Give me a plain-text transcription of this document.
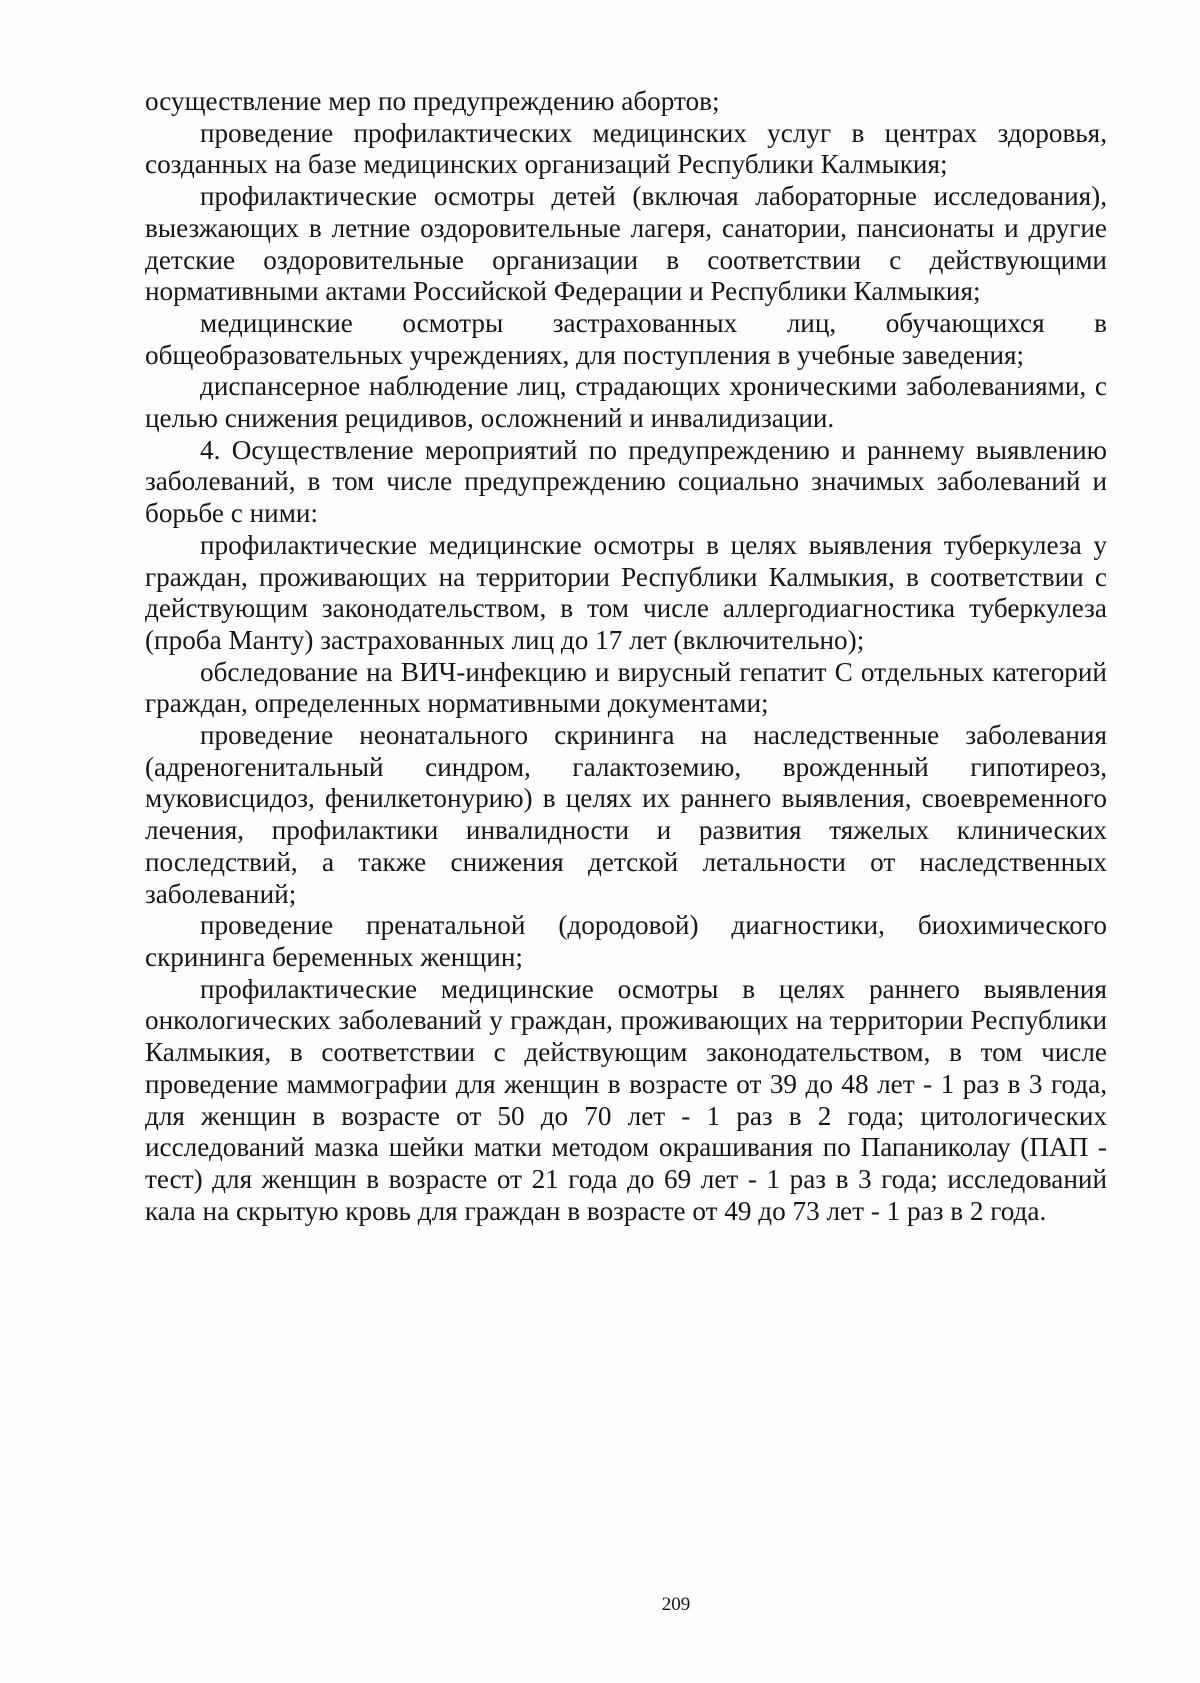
осуществление мер по предупреждению абортов;

проведение профилактических медицинских услуг в центрах здоровья, созданных на базе медицинских организаций Республики Калмыкия;

профилактические осмотры детей (включая лабораторные исследования), выезжающих в летние оздоровительные лагеря, санатории, пансионаты и другие детские оздоровительные организации в соответствии с действующими нормативными актами Российской Федерации и Республики Калмыкия;

медицинские осмотры застрахованных лиц, обучающихся в общеобразовательных учреждениях, для поступления в учебные заведения;

диспансерное наблюдение лиц, страдающих хроническими заболеваниями, с целью снижения рецидивов, осложнений и инвалидизации.

4. Осуществление мероприятий по предупреждению и раннему выявлению заболеваний, в том числе предупреждению социально значимых заболеваний и борьбе с ними:

профилактические медицинские осмотры в целях выявления туберкулеза у граждан, проживающих на территории Республики Калмыкия, в соответствии с действующим законодательством, в том числе аллергодиагностика туберкулеза (проба Манту) застрахованных лиц до 17 лет (включительно);

обследование на ВИЧ-инфекцию и вирусный гепатит С отдельных категорий граждан, определенных нормативными документами;

проведение неонатального скрининга на наследственные заболевания (адреногенитальный синдром, галактоземию, врожденный гипотиреоз, муковисцидоз, фенилкетонурию) в целях их раннего выявления, своевременного лечения, профилактики инвалидности и развития тяжелых клинических последствий, а также снижения детской летальности от наследственных заболеваний;

проведение пренатальной (дородовой) диагностики, биохимического скрининга беременных женщин;

профилактические медицинские осмотры в целях раннего выявления онкологических заболеваний у граждан, проживающих на территории Республики Калмыкия, в соответствии с действующим законодательством, в том числе проведение маммографии для женщин в возрасте от 39 до 48 лет - 1 раз в 3 года, для женщин в возрасте от 50 до 70 лет - 1 раз в 2 года; цитологических исследований мазка шейки матки методом окрашивания по Папаниколау (ПАП - тест) для женщин в возрасте от 21 года до 69 лет - 1 раз в 3 года; исследований кала на скрытую кровь для граждан в возрасте от 49 до 73 лет - 1 раз в 2 года.

209
